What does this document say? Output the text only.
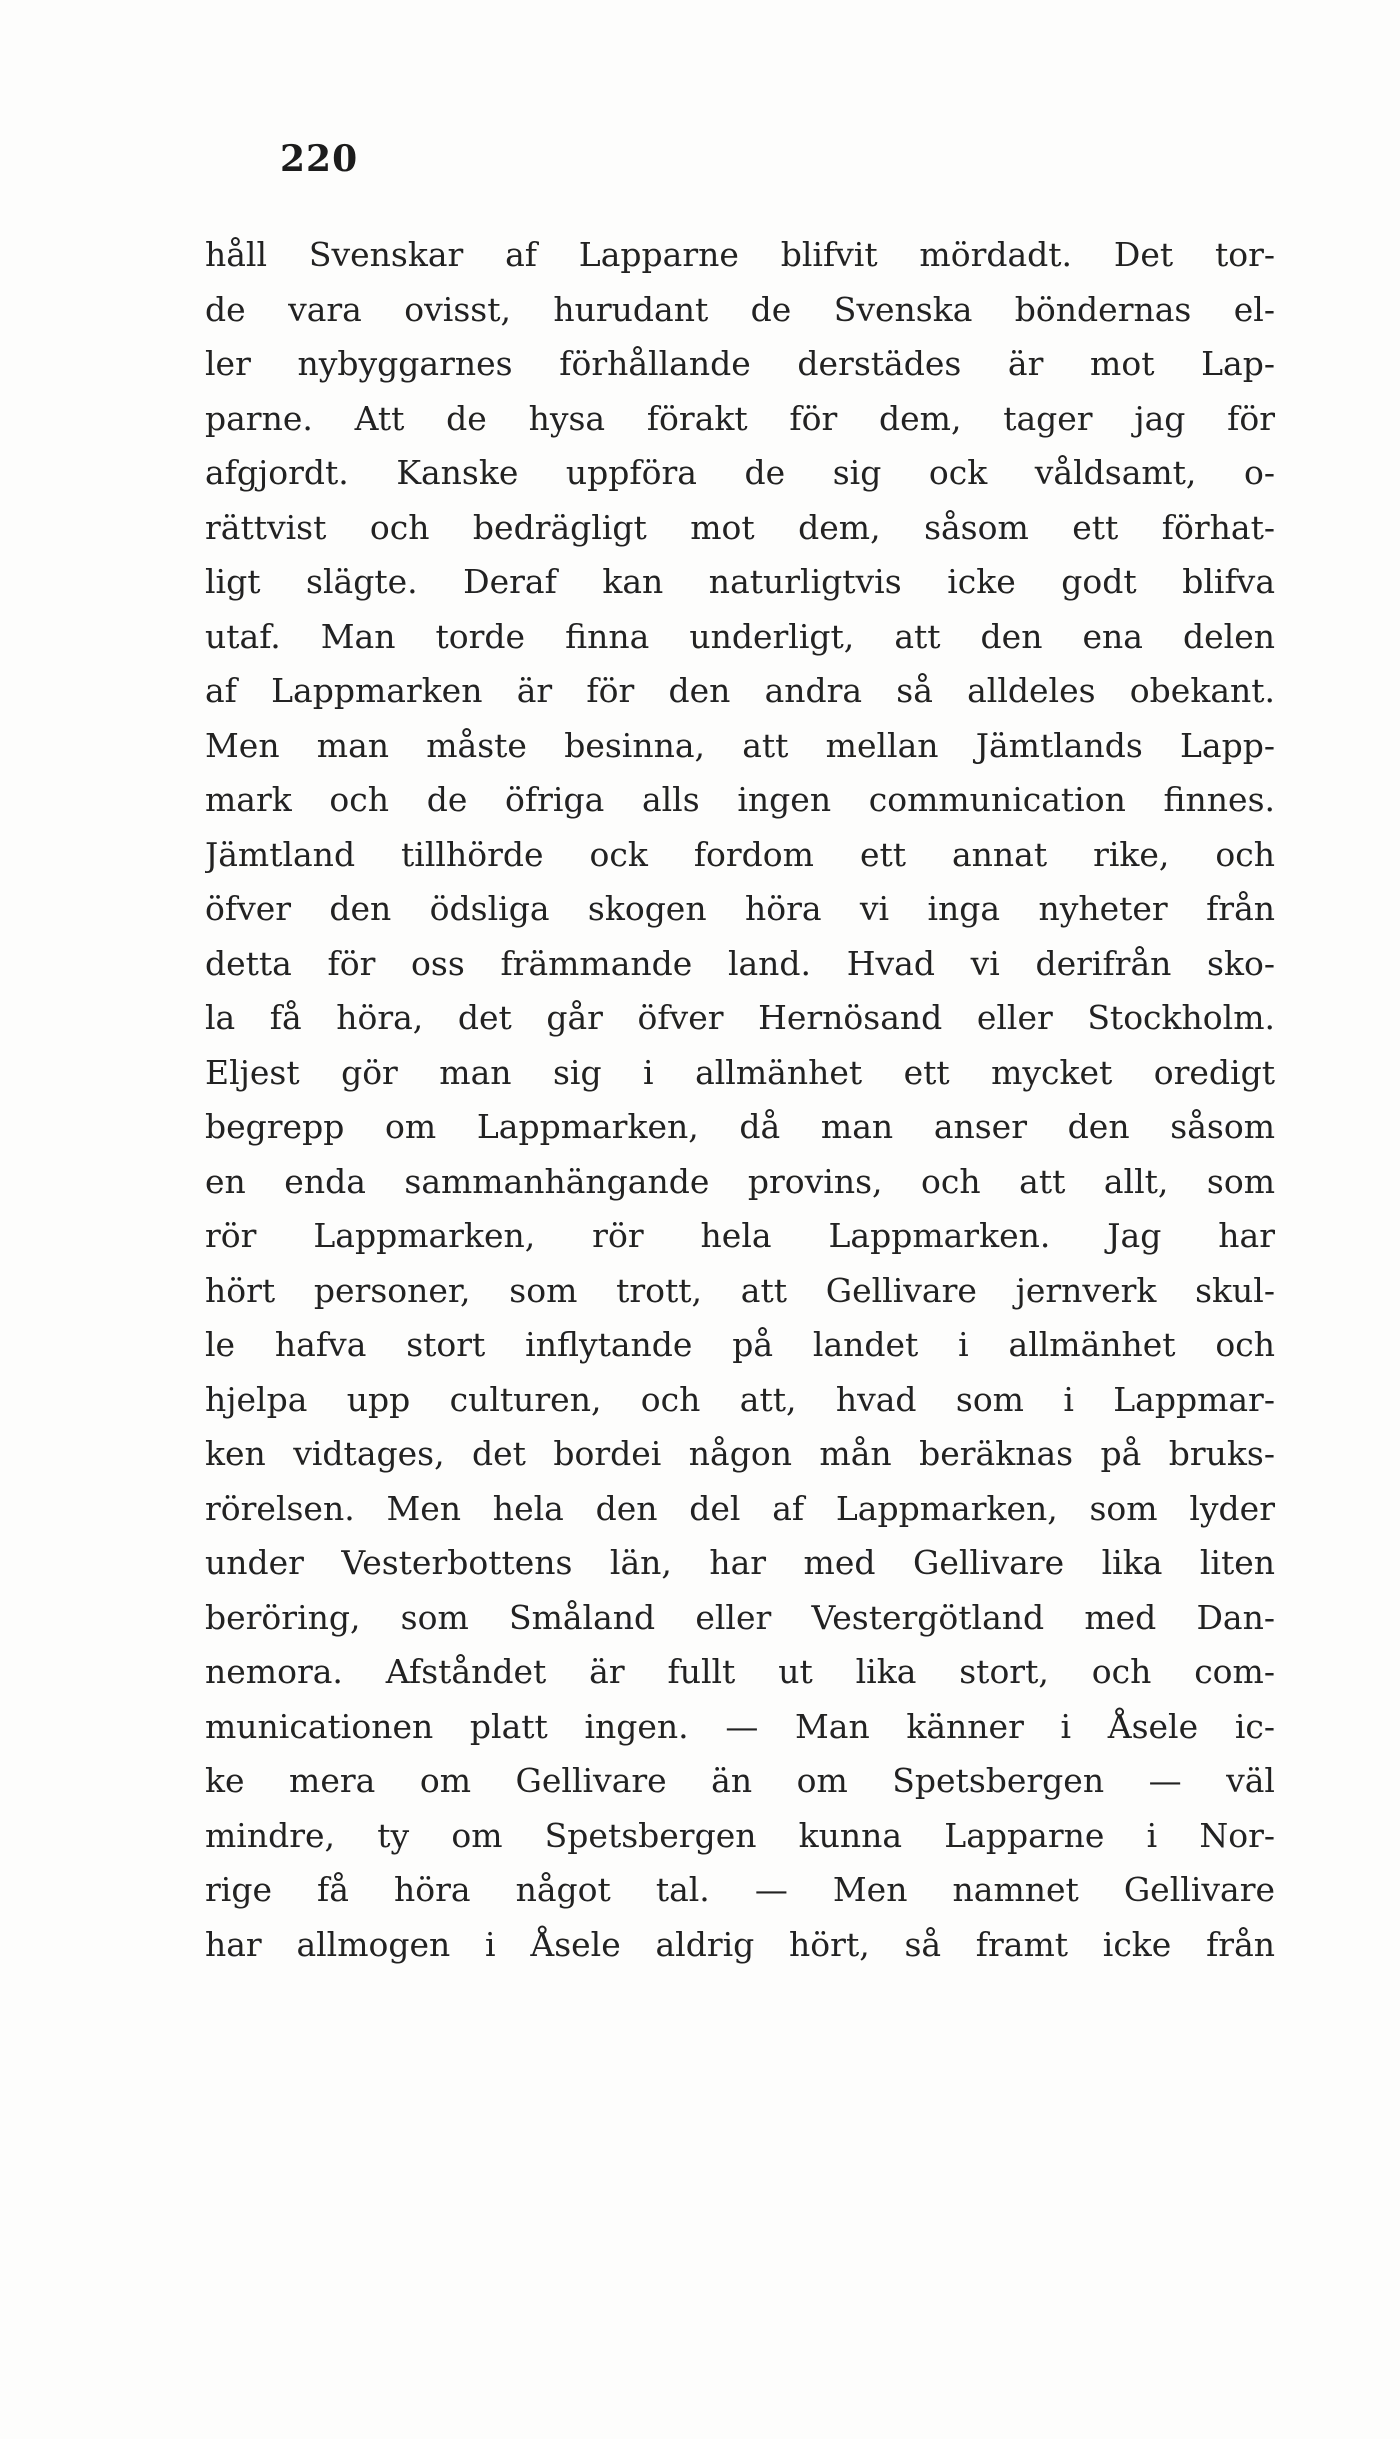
220
håll Svenskar af Lapparne blifvit mördadt. Det tor-
de vara ovisst, hurudant de Svenska böndernas el-
ler nybyggarnes förhållande derstädes är mot Lap-
parne. Att de hysa förakt för dem, tager jag för
afgjordt. Kanske uppföra de sig ock våldsamt, o-
rättvist och bedrägligt mot dem, såsom ett förhat-
ligt slägte. Deraf kan naturligtvis icke godt blifva
utaf. Man torde finna underligt, att den ena delen
af Lappmarken är för den andra så alldeles obekant.
Men man måste besinna, att mellan Jämtlands Lapp-
mark och de öfriga alls ingen communication finnes.
Jämtland tillhörde ock fordom ett annat rike, och
öfver den ödsliga skogen höra vi inga nyheter från
detta för oss främmande land. Hvad vi derifrån sko-
la få höra, det går öfver Hernösand eller Stockholm.
Eljest gör man sig i allmänhet ett mycket oredigt
begrepp om Lappmarken, då man anser den såsom
en enda sammanhängande provins, och att allt, som
rör Lappmarken, rör hela Lappmarken. Jag har
hört personer, som trott, att Gellivare jernverk skul-
le hafva stort inflytande på landet i allmänhet och
hjelpa upp culturen, och att, hvad som i Lappmar-
ken vidtages, det bordei någon mån beräknas på bruks-
rörelsen. Men hela den del af Lappmarken, som lyder
under Vesterbottens län, har med Gellivare lika liten
beröring, som Småland eller Vestergötland med Dan-
nemora. Afståndet är fullt ut lika stort, och com-
municationen platt ingen. — Man känner i Åsele ic-
ke mera om Gellivare än om Spetsbergen — väl
mindre, ty om Spetsbergen kunna Lapparne i Nor-
rige få höra något tal. — Men namnet Gellivare
har allmogen i Åsele aldrig hört, så framt icke från
